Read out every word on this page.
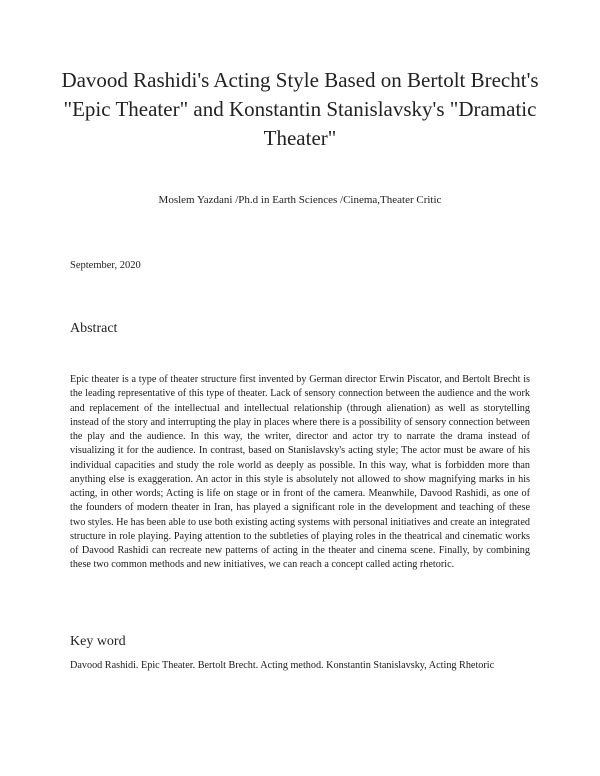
Davood Rashidi's Acting Style Based on Bertolt Brecht's "Epic Theater" and Konstantin Stanislavsky's "Dramatic Theater"
Moslem Yazdani /Ph.d in Earth Sciences /Cinema,Theater Critic
September, 2020
Abstract

Epic theater is a type of theater structure first invented by German director Erwin Piscator, and Bertolt Brecht is the leading representative of this type of theater. Lack of sensory connection between the audience and the work and replacement of the intellectual and intellectual relationship (through alienation) as well as storytelling instead of the story and interrupting the play in places where there is a possibility of sensory connection between the play and the audience. In this way, the writer, director and actor try to narrate the drama instead of visualizing it for the audience. In contrast, based on Stanislavsky's acting style; The actor must be aware of his individual capacities and study the role world as deeply as possible. In this way, what is forbidden more than anything else is exaggeration. An actor in this style is absolutely not allowed to show magnifying marks in his acting, in other words; Acting is life on stage or in front of the camera. Meanwhile, Davood Rashidi, as one of the founders of modern theater in Iran, has played a significant role in the development and teaching of these two styles. He has been able to use both existing acting systems with personal initiatives and create an integrated structure in role playing. Paying attention to the subtleties of playing roles in the theatrical and cinematic works of Davood Rashidi can recreate new patterns of acting in the theater and cinema scene. Finally, by combining these two common methods and new initiatives, we can reach a concept called acting rhetoric.

Key word

Davood Rashidi. Epic Theater. Bertolt Brecht. Acting method. Konstantin Stanislavsky, Acting Rhetoric
